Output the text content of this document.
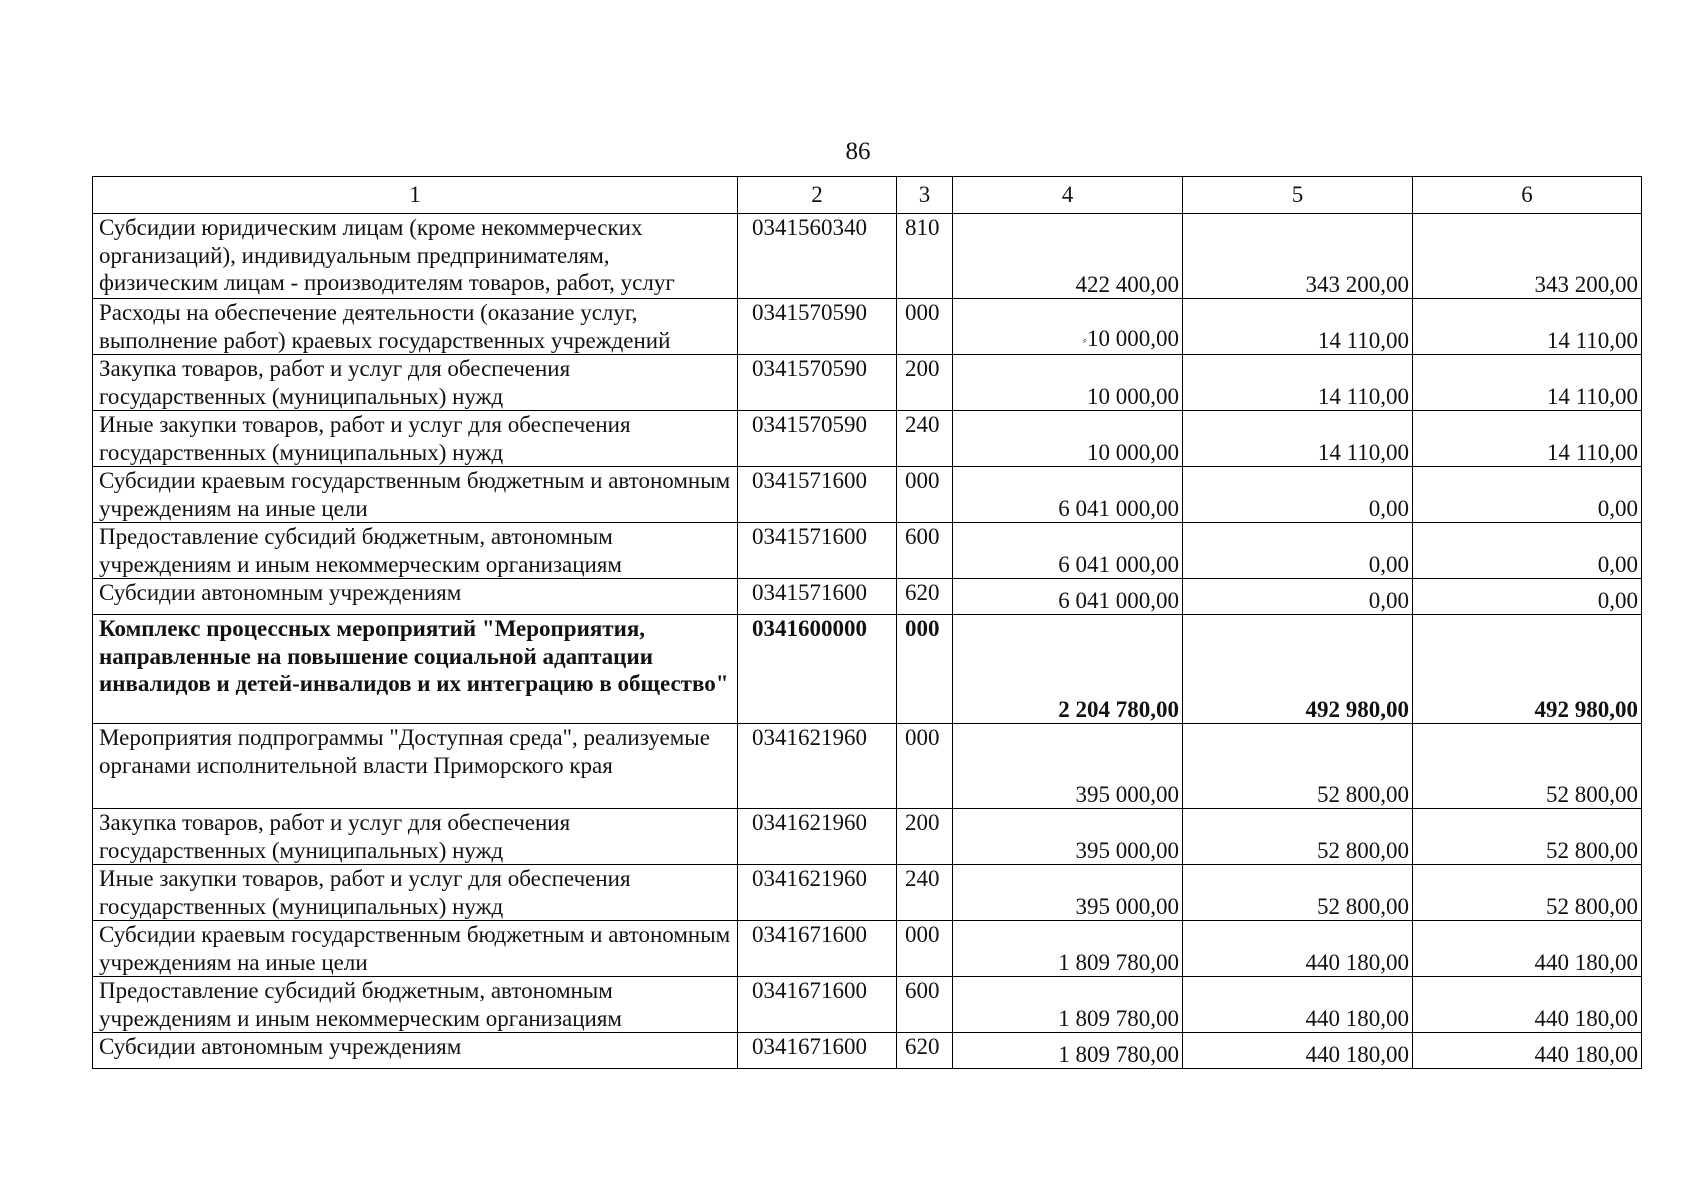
86
1	2	3	4	5	6
Субсидии юридическим лицам (кроме некоммерческих организаций), индивидуальным предпринимателям, физическим лицам - производителям товаров, работ, услуг	0341560340	810	422 400,00	343 200,00	343 200,00
Расходы на обеспечение деятельности (оказание услуг, выполнение работ) краевых государственных учреждений	0341570590	000	⸗10 000,00	14 110,00	14 110,00
Закупка товаров, работ и услуг для обеспечения государственных (муниципальных) нужд	0341570590	200	10 000,00	14 110,00	14 110,00
Иные закупки товаров, работ и услуг для обеспечения государственных (муниципальных) нужд	0341570590	240	10 000,00	14 110,00	14 110,00
Субсидии краевым государственным бюджетным и автономным учреждениям на иные цели	0341571600	000	6 041 000,00	0,00	0,00
Предоставление субсидий бюджетным, автономным учреждениям и иным некоммерческим организациям	0341571600	600	6 041 000,00	0,00	0,00
Субсидии автономным учреждениям	0341571600	620	6 041 000,00	0,00	0,00
Комплекс процессных мероприятий "Мероприятия, направленные на повышение социальной адаптации инвалидов и детей-инвалидов и их интеграцию в общество"	0341600000	000	2 204 780,00	492 980,00	492 980,00
Мероприятия подпрограммы "Доступная среда", реализуемые органами исполнительной власти Приморского края	0341621960	000	395 000,00	52 800,00	52 800,00
Закупка товаров, работ и услуг для обеспечения государственных (муниципальных) нужд	0341621960	200	395 000,00	52 800,00	52 800,00
Иные закупки товаров, работ и услуг для обеспечения государственных (муниципальных) нужд	0341621960	240	395 000,00	52 800,00	52 800,00
Субсидии краевым государственным бюджетным и автономным учреждениям на иные цели	0341671600	000	1 809 780,00	440 180,00	440 180,00
Предоставление субсидий бюджетным, автономным учреждениям и иным некоммерческим организациям	0341671600	600	1 809 780,00	440 180,00	440 180,00
Субсидии автономным учреждениям	0341671600	620	1 809 780,00	440 180,00	440 180,00
